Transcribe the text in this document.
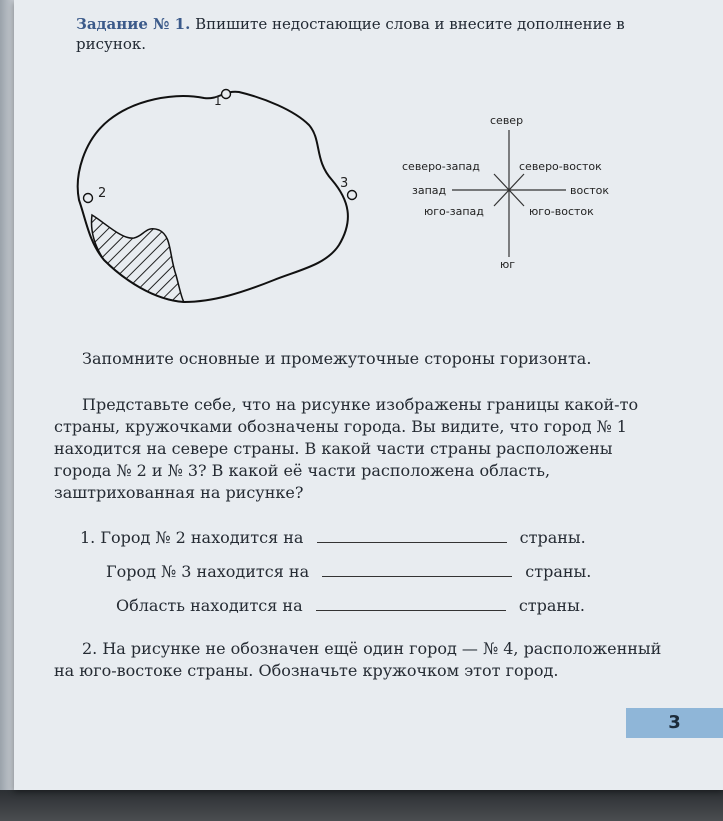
Задание № 1. Впишите недостающие слова и внесите дополнение в рисунок.
1
2
3
север
северо-запад	северо-восток
запад	восток
юго-запад	юго-восток
юг
Запомните основные и промежуточные стороны горизонта.
Представьте себе, что на рисунке изображены границы какой-то страны, кружочками обозначены города. Вы видите, что город № 1 находится на севере страны. В какой части страны расположены города № 2 и № 3? В какой её части расположена область, заштрихованная на рисунке?
1. Город № 2 находится на	страны.
Город № 3 находится на	страны.
Область находится на	страны.
2. На рисунке не обозначен ещё один город — № 4, расположенный на юго-востоке страны. Обозначьте кружочком этот город.
3
